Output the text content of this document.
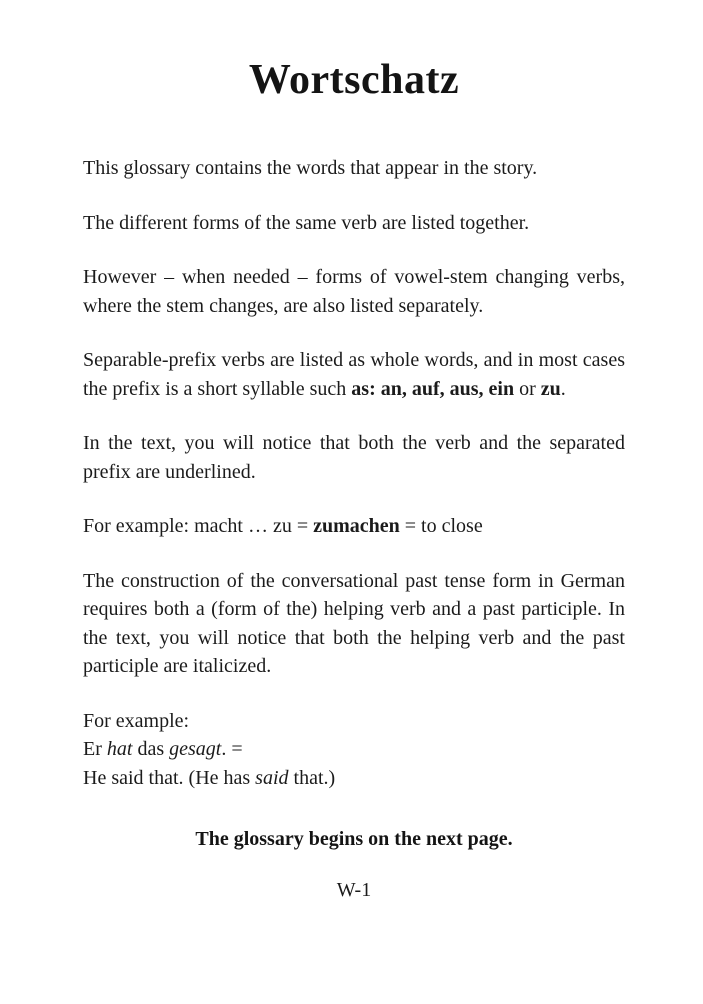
Wortschatz

This glossary contains the words that appear in the story.

The different forms of the same verb are listed together.

However – when needed – forms of vowel-stem changing verbs, where the stem changes, are also listed separately.

Separable-prefix verbs are listed as whole words, and in most cases the prefix is a short syllable such as: an, auf, aus, ein or zu.

In the text, you will notice that both the verb and the separated prefix are underlined.

For example: macht … zu = zumachen = to close

The construction of the conversational past tense form in German requires both a (form of the) helping verb and a past participle. In the text, you will notice that both the helping verb and the past participle are italicized.

For example:
Er hat das gesagt. =
He said that. (He has said that.)

The glossary begins on the next page.
W-1
